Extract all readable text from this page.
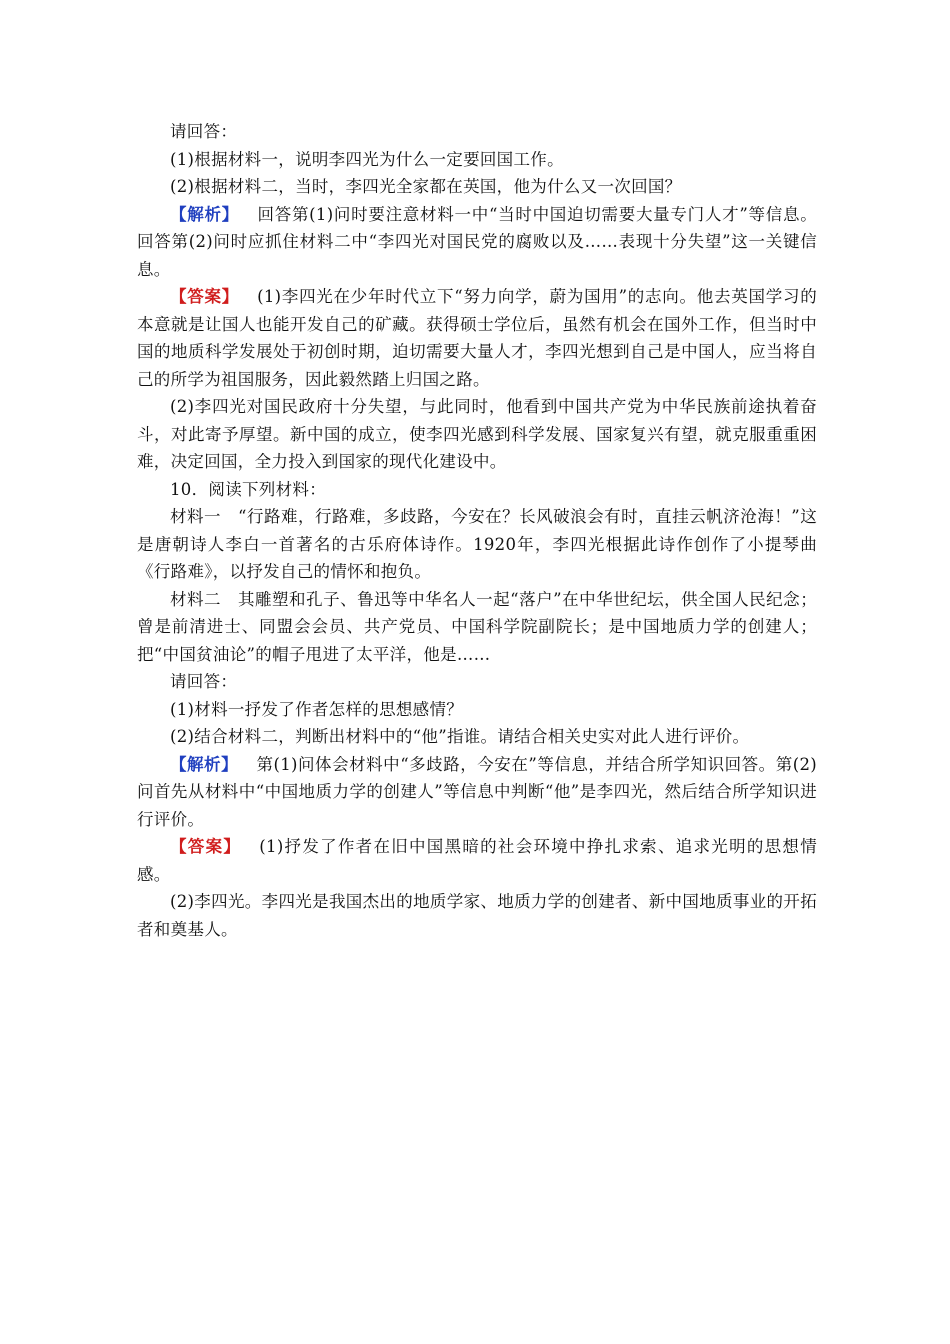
请回答：

(1)根据材料一，说明李四光为什么一定要回国工作。

(2)根据材料二，当时，李四光全家都在英国，他为什么又一次回国？

【解析】 回答第(1)问时要注意材料一中“当时中国迫切需要大量专门人才”等信息。回答第(2)问时应抓住材料二中“李四光对国民党的腐败以及……表现十分失望”这一关键信息。

【答案】 (1)李四光在少年时代立下“努力向学，蔚为国用”的志向。他去英国学习的本意就是让国人也能开发自己的矿藏。获得硕士学位后，虽然有机会在国外工作，但当时中国的地质科学发展处于初创时期，迫切需要大量人才，李四光想到自己是中国人，应当将自己的所学为祖国服务，因此毅然踏上归国之路。

(2)李四光对国民政府十分失望，与此同时，他看到中国共产党为中华民族前途执着奋斗，对此寄予厚望。新中国的成立，使李四光感到科学发展、国家复兴有望，就克服重重困难，决定回国，全力投入到国家的现代化建设中。

10．阅读下列材料：

材料一　“行路难，行路难，多歧路，今安在？长风破浪会有时，直挂云帆济沧海！”这是唐朝诗人李白一首著名的古乐府体诗作。1920年，李四光根据此诗作创作了小提琴曲《行路难》，以抒发自己的情怀和抱负。

材料二　其雕塑和孔子、鲁迅等中华名人一起“落户”在中华世纪坛，供全国人民纪念；曾是前清进士、同盟会会员、共产党员、中国科学院副院长；是中国地质力学的创建人；把“中国贫油论”的帽子甩进了太平洋，他是……

请回答：

(1)材料一抒发了作者怎样的思想感情？

(2)结合材料二，判断出材料中的“他”指谁。请结合相关史实对此人进行评价。

【解析】 第(1)问体会材料中“多歧路，今安在”等信息，并结合所学知识回答。第(2)问首先从材料中“中国地质力学的创建人”等信息中判断“他”是李四光，然后结合所学知识进行评价。

【答案】 (1)抒发了作者在旧中国黑暗的社会环境中挣扎求索、追求光明的思想情感。

(2)李四光。李四光是我国杰出的地质学家、地质力学的创建者、新中国地质事业的开拓者和奠基人。
